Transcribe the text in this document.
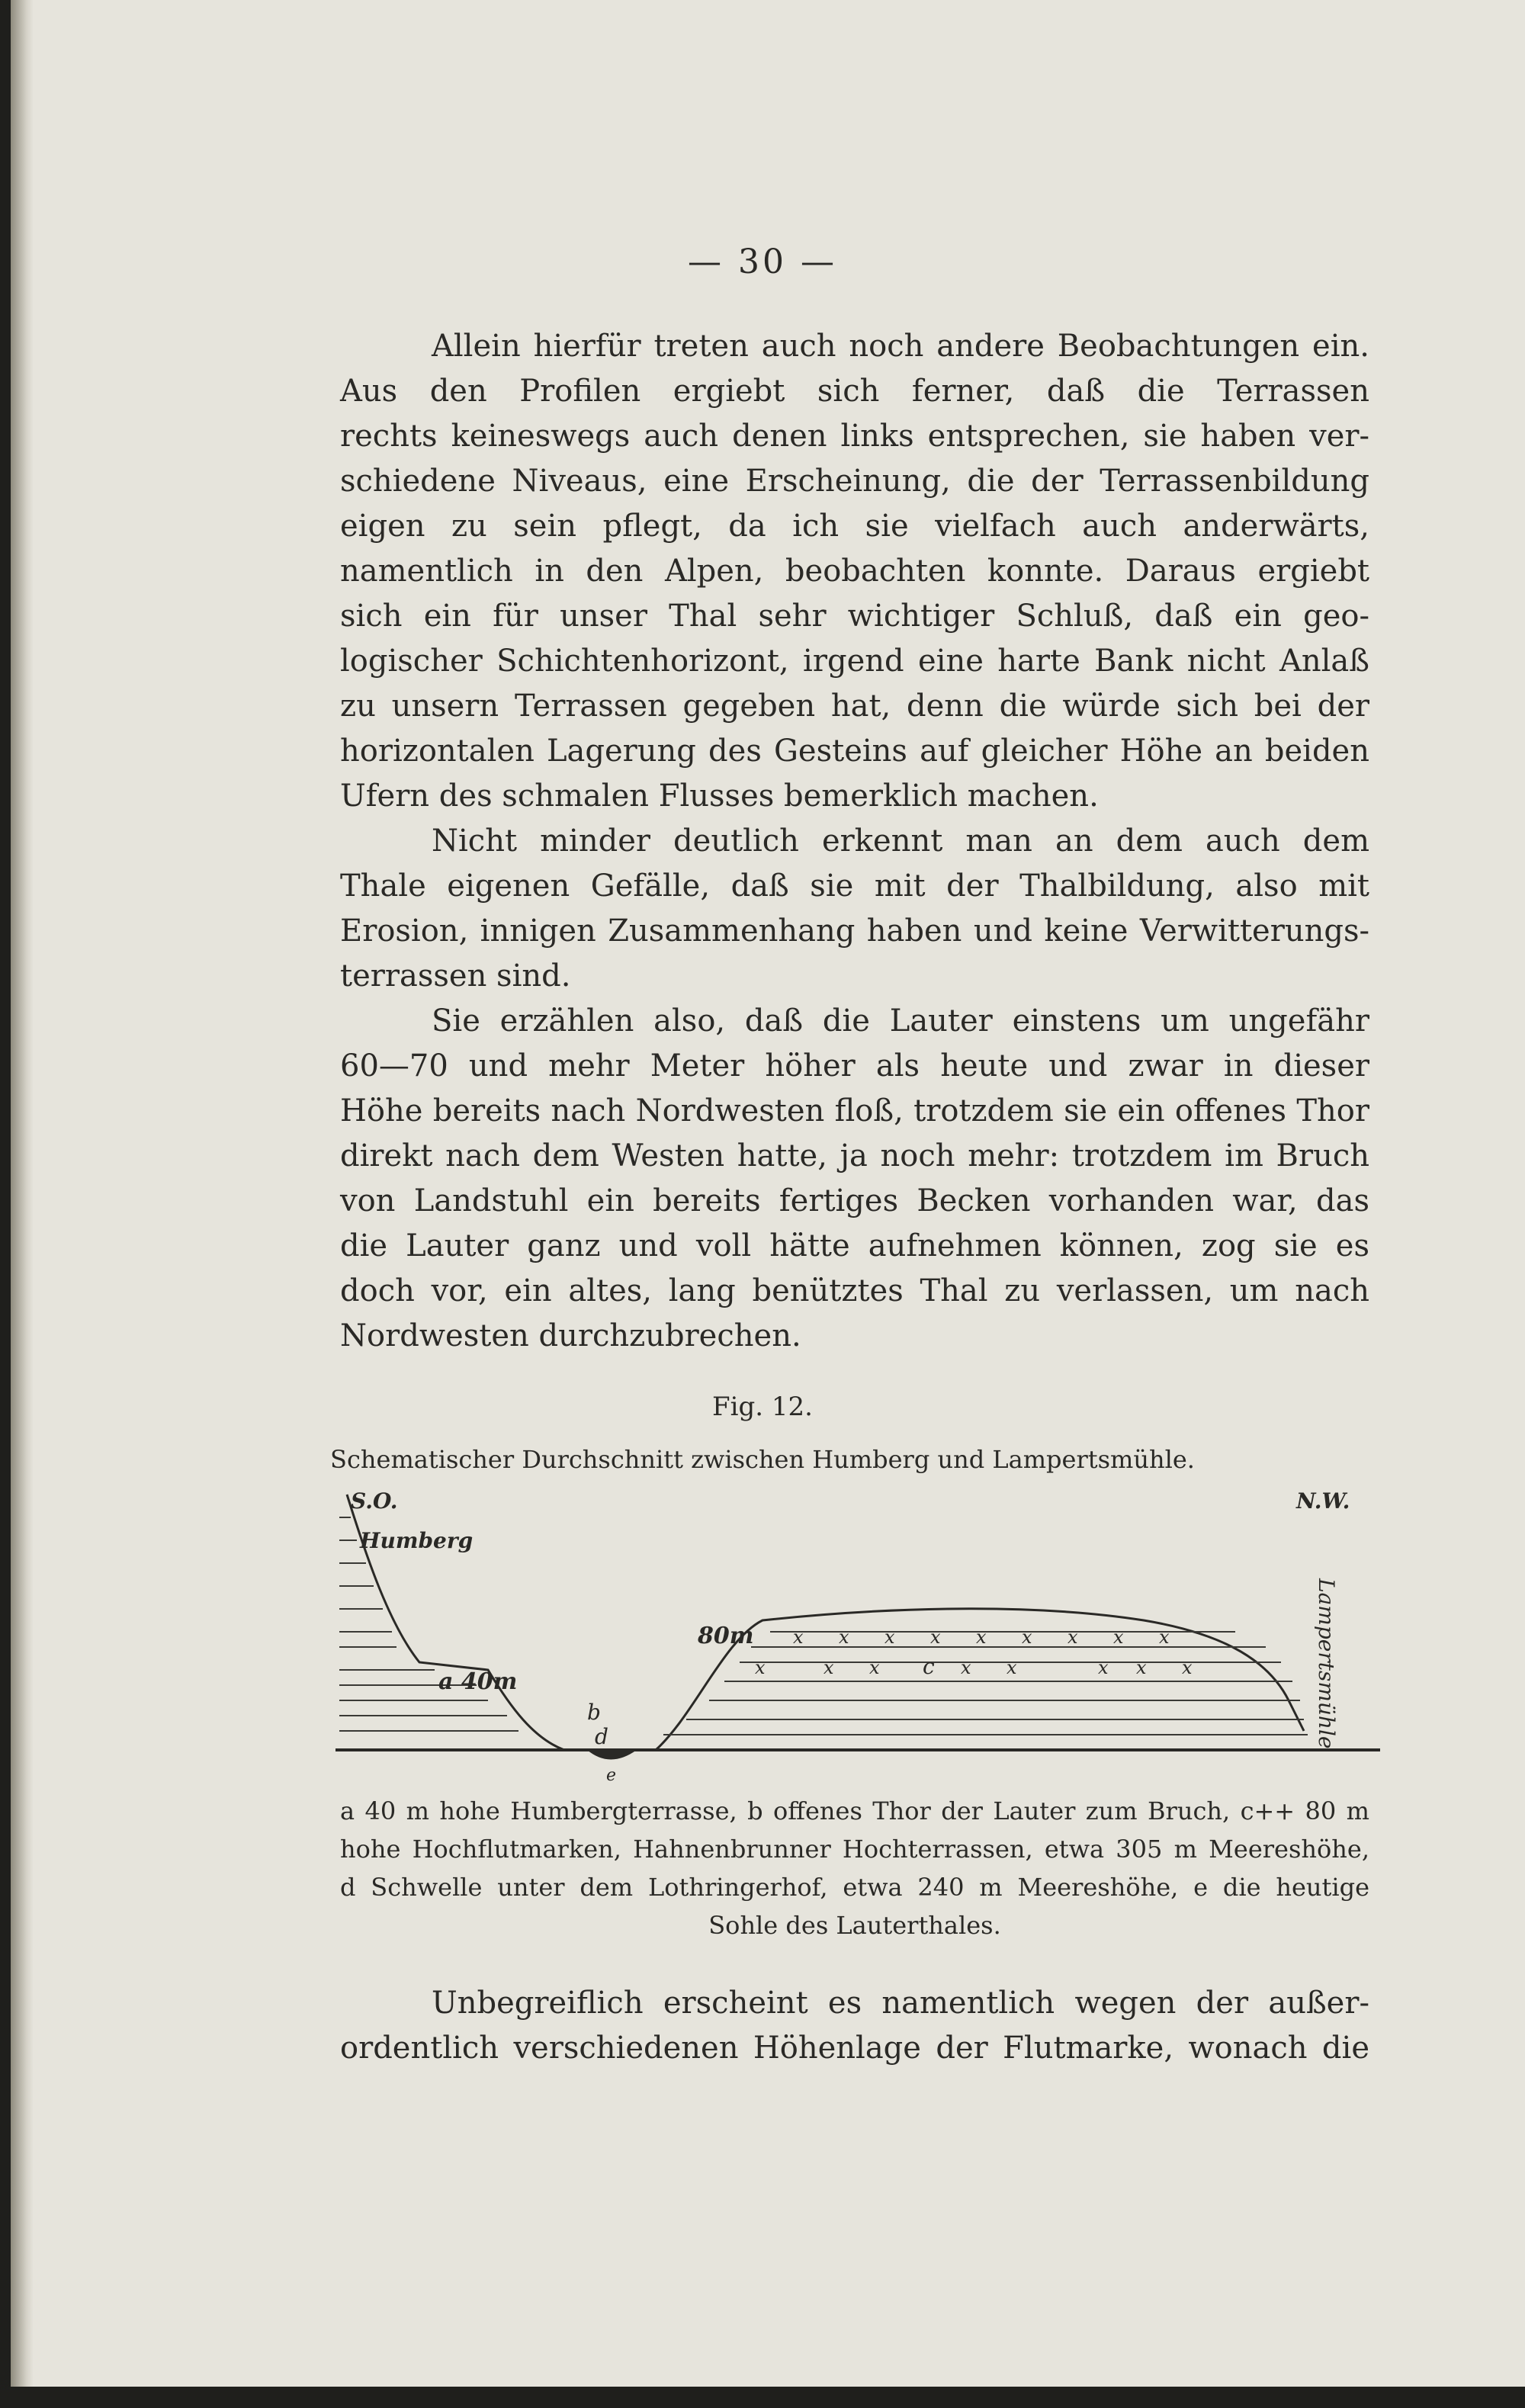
— 30 —

Allein hierfür treten auch noch andere Beobachtungen ein.
Aus den Profilen ergiebt sich ferner, daß die Terrassen
rechts keineswegs auch denen links entsprechen, sie haben ver-
schiedene Niveaus, eine Erscheinung, die der Terrassenbildung
eigen zu sein pflegt, da ich sie vielfach auch anderwärts,
namentlich in den Alpen, beobachten konnte. Daraus ergiebt
sich ein für unser Thal sehr wichtiger Schluß, daß ein geo-
logischer Schichtenhorizont, irgend eine harte Bank nicht Anlaß
zu unsern Terrassen gegeben hat, denn die würde sich bei der
horizontalen Lagerung des Gesteins auf gleicher Höhe an beiden
Ufern des schmalen Flusses bemerklich machen.

Nicht minder deutlich erkennt man an dem auch dem
Thale eigenen Gefälle, daß sie mit der Thalbildung, also mit
Erosion, innigen Zusammenhang haben und keine Verwitterungs-
terrassen sind.

Sie erzählen also, daß die Lauter einstens um ungefähr
60—70 und mehr Meter höher als heute und zwar in dieser
Höhe bereits nach Nordwesten floß, trotzdem sie ein offenes Thor
direkt nach dem Westen hatte, ja noch mehr: trotzdem im Bruch
von Landstuhl ein bereits fertiges Becken vorhanden war, das
die Lauter ganz und voll hätte aufnehmen können, zog sie es
doch vor, ein altes, lang benütztes Thal zu verlassen, um nach
Nordwesten durchzubrechen.

Fig. 12.
Schematischer Durchschnitt zwischen Humberg und Lampertsmühle.
x x x x x x x x x
x	x x	x x	x x x
S.O.	N.W.
Humberg
80m
a 40m
b
d
e
c	Lampertsmühle

a 40 m hohe Humbergterrasse, b offenes Thor der Lauter zum Bruch, c++ 80 m
hohe Hochflutmarken, Hahnenbrunner Hochterrassen, etwa 305 m Meereshöhe,
d Schwelle unter dem Lothringerhof, etwa 240 m Meereshöhe, e die heutige
Sohle des Lauterthales.

Unbegreiflich erscheint es namentlich wegen der außer-
ordentlich verschiedenen Höhenlage der Flutmarke, wonach die
